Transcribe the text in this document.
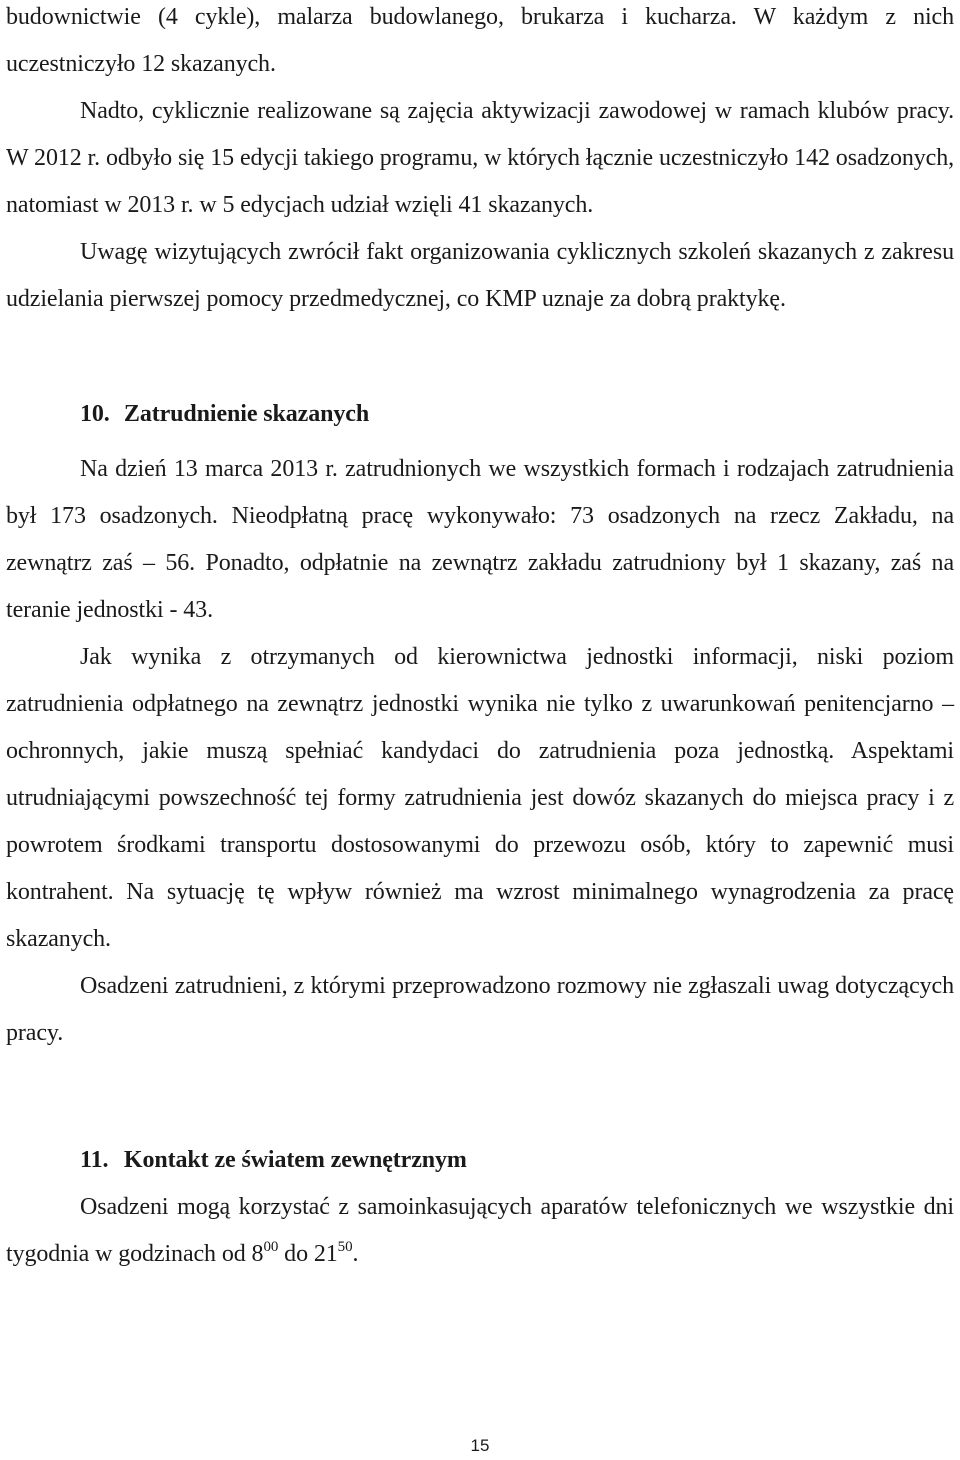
budownictwie (4 cykle), malarza budowlanego, brukarza i kucharza. W każdym z nich uczestniczyło 12 skazanych.

Nadto, cyklicznie realizowane są zajęcia aktywizacji zawodowej w ramach klubów pracy. W 2012 r. odbyło się 15 edycji takiego programu, w których łącznie uczestniczyło 142 osadzonych, natomiast w 2013 r. w 5 edycjach udział wzięli 41 skazanych.

Uwagę wizytujących zwrócił fakt organizowania cyklicznych szkoleń skazanych z zakresu udzielania pierwszej pomocy przedmedycznej, co KMP uznaje za dobrą praktykę.

10. Zatrudnienie skazanych

Na dzień 13 marca 2013 r. zatrudnionych we wszystkich formach i rodzajach zatrudnienia był 173 osadzonych. Nieodpłatną pracę wykonywało: 73 osadzonych na rzecz Zakładu, na zewnątrz zaś – 56. Ponadto, odpłatnie na zewnątrz zakładu zatrudniony był 1 skazany, zaś na teranie jednostki - 43.

Jak wynika z otrzymanych od kierownictwa jednostki informacji, niski poziom zatrudnienia odpłatnego na zewnątrz jednostki wynika nie tylko z uwarunkowań penitencjarno – ochronnych, jakie muszą spełniać kandydaci do zatrudnienia poza jednostką. Aspektami utrudniającymi powszechność tej formy zatrudnienia jest dowóz skazanych do miejsca pracy i z powrotem środkami transportu dostosowanymi do przewozu osób, który to zapewnić musi kontrahent. Na sytuację tę wpływ również ma wzrost minimalnego wynagrodzenia za pracę skazanych.

Osadzeni zatrudnieni, z którymi przeprowadzono rozmowy nie zgłaszali uwag dotyczących pracy.

11. Kontakt ze światem zewnętrznym

Osadzeni mogą korzystać z samoinkasujących aparatów telefonicznych we wszystkie dni tygodnia w godzinach od $8^{00}$ do $21^{50}$.

15
